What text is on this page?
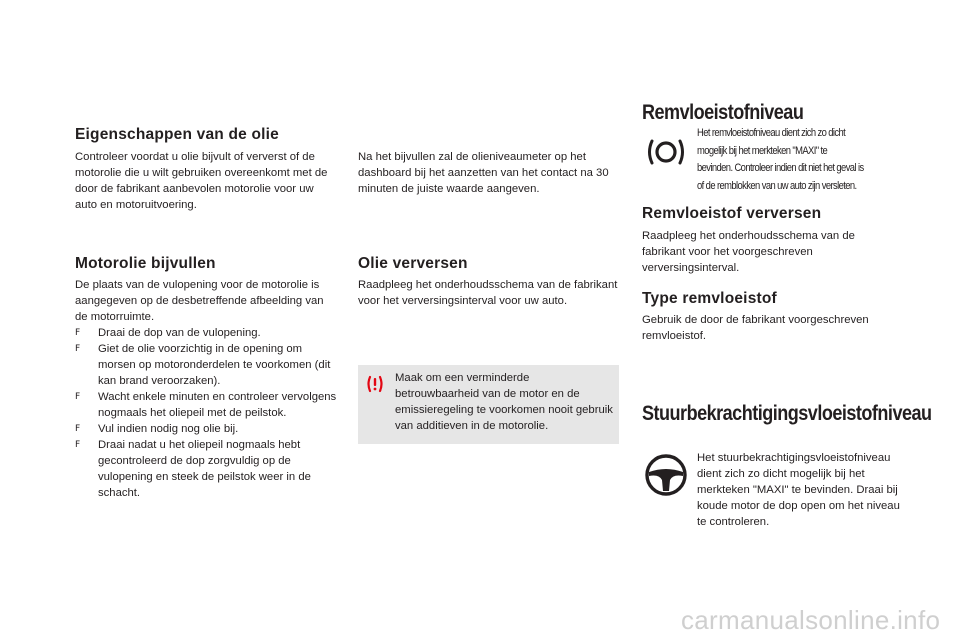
Eigenschappen van de olie

Controleer voordat u olie bijvult of ververst of de motorolie die u wilt gebruiken overeenkomt met de door de fabrikant aanbevolen motorolie voor uw auto en motoruitvoering.

Motorolie bijvullen

De plaats van de vulopening voor de motorolie is aangegeven op de desbetreffende afbeelding van de motorruimte.

F	Draai de dop van de vulopening.
F	Giet de olie voorzichtig in de opening om morsen op motoronderdelen te voorkomen (dit kan brand veroorzaken).
F	Wacht enkele minuten en controleer vervolgens nogmaals het oliepeil met de peilstok.
F	Vul indien nodig nog olie bij.
F	Draai nadat u het oliepeil nogmaals hebt gecontroleerd de dop zorgvuldig op de vulopening en steek de peilstok weer in de schacht.

Na het bijvullen zal de olieniveaumeter op het dashboard bij het aanzetten van het contact na 30 minuten de juiste waarde aangeven.

Olie verversen

Raadpleeg het onderhoudsschema van de fabrikant voor het verversingsinterval voor uw auto.

Maak om een verminderde betrouwbaarheid van de motor en de emissieregeling te voorkomen nooit gebruik van additieven in de motorolie.

Remvloeistofniveau

Het remvloeistofniveau dient zich zo dicht
mogelijk bij het merkteken "MAXI" te
bevinden. Controleer indien dit niet het geval is
of de remblokken van uw auto zijn versleten.

Remvloeistof verversen

Raadpleeg het onderhoudsschema van de fabrikant voor het voorgeschreven verversingsinterval.

Type remvloeistof

Gebruik de door de fabrikant voorgeschreven remvloeistof.

Stuurbekrachtigingsvloeistofniveau

Het stuurbekrachtigingsvloeistofniveau dient zich zo dicht mogelijk bij het merkteken "MAXI" te bevinden. Draai bij koude motor de dop open om het niveau te controleren.

carmanualsonline.info
